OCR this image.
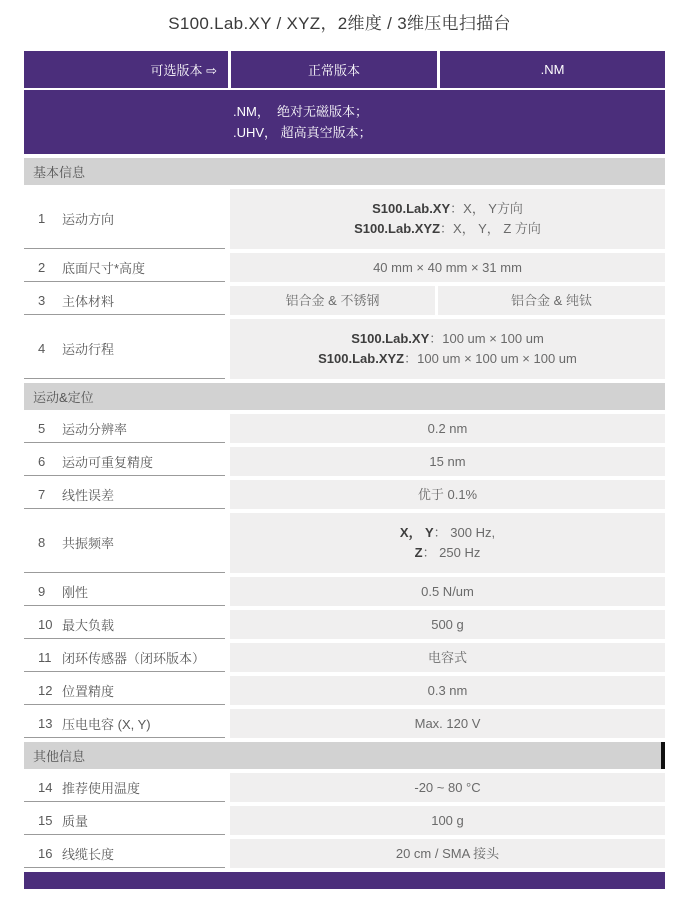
S100.Lab.XY / XYZ，2维度 / 3维压电扫描台
可选版本 ⇨	正常版本	.NM
.NM，  绝对无磁版本；
.UHV， 超高真空版本；
基本信息
1	运动方向
S100.Lab.XY：X， Y方向
S100.Lab.XYZ：X， Y， Z 方向
2	底面尺寸*高度	40 mm × 40 mm × 31 mm
3	主体材料	铝合金 & 不锈钢	铝合金 & 纯钛
4	运动行程
S100.Lab.XY：100 um × 100 um
S100.Lab.XYZ：100 um × 100 um × 100 um
运动&定位
5	运动分辨率	0.2 nm
6	运动可重复精度	15 nm
7	线性误差	优于 0.1%
8	共振频率
X， Y： 300 Hz,
Z： 250 Hz
9	刚性	0.5 N/um
10 最大负载	500 g
11 闭环传感器（闭环版本）	电容式
12 位置精度	0.3 nm
13 压电电容 (X, Y)	Max. 120 V
其他信息
14 推荐使用温度	-20 ~ 80 °C
15 质量	100 g
16 线缆长度	20 cm / SMA 接头
